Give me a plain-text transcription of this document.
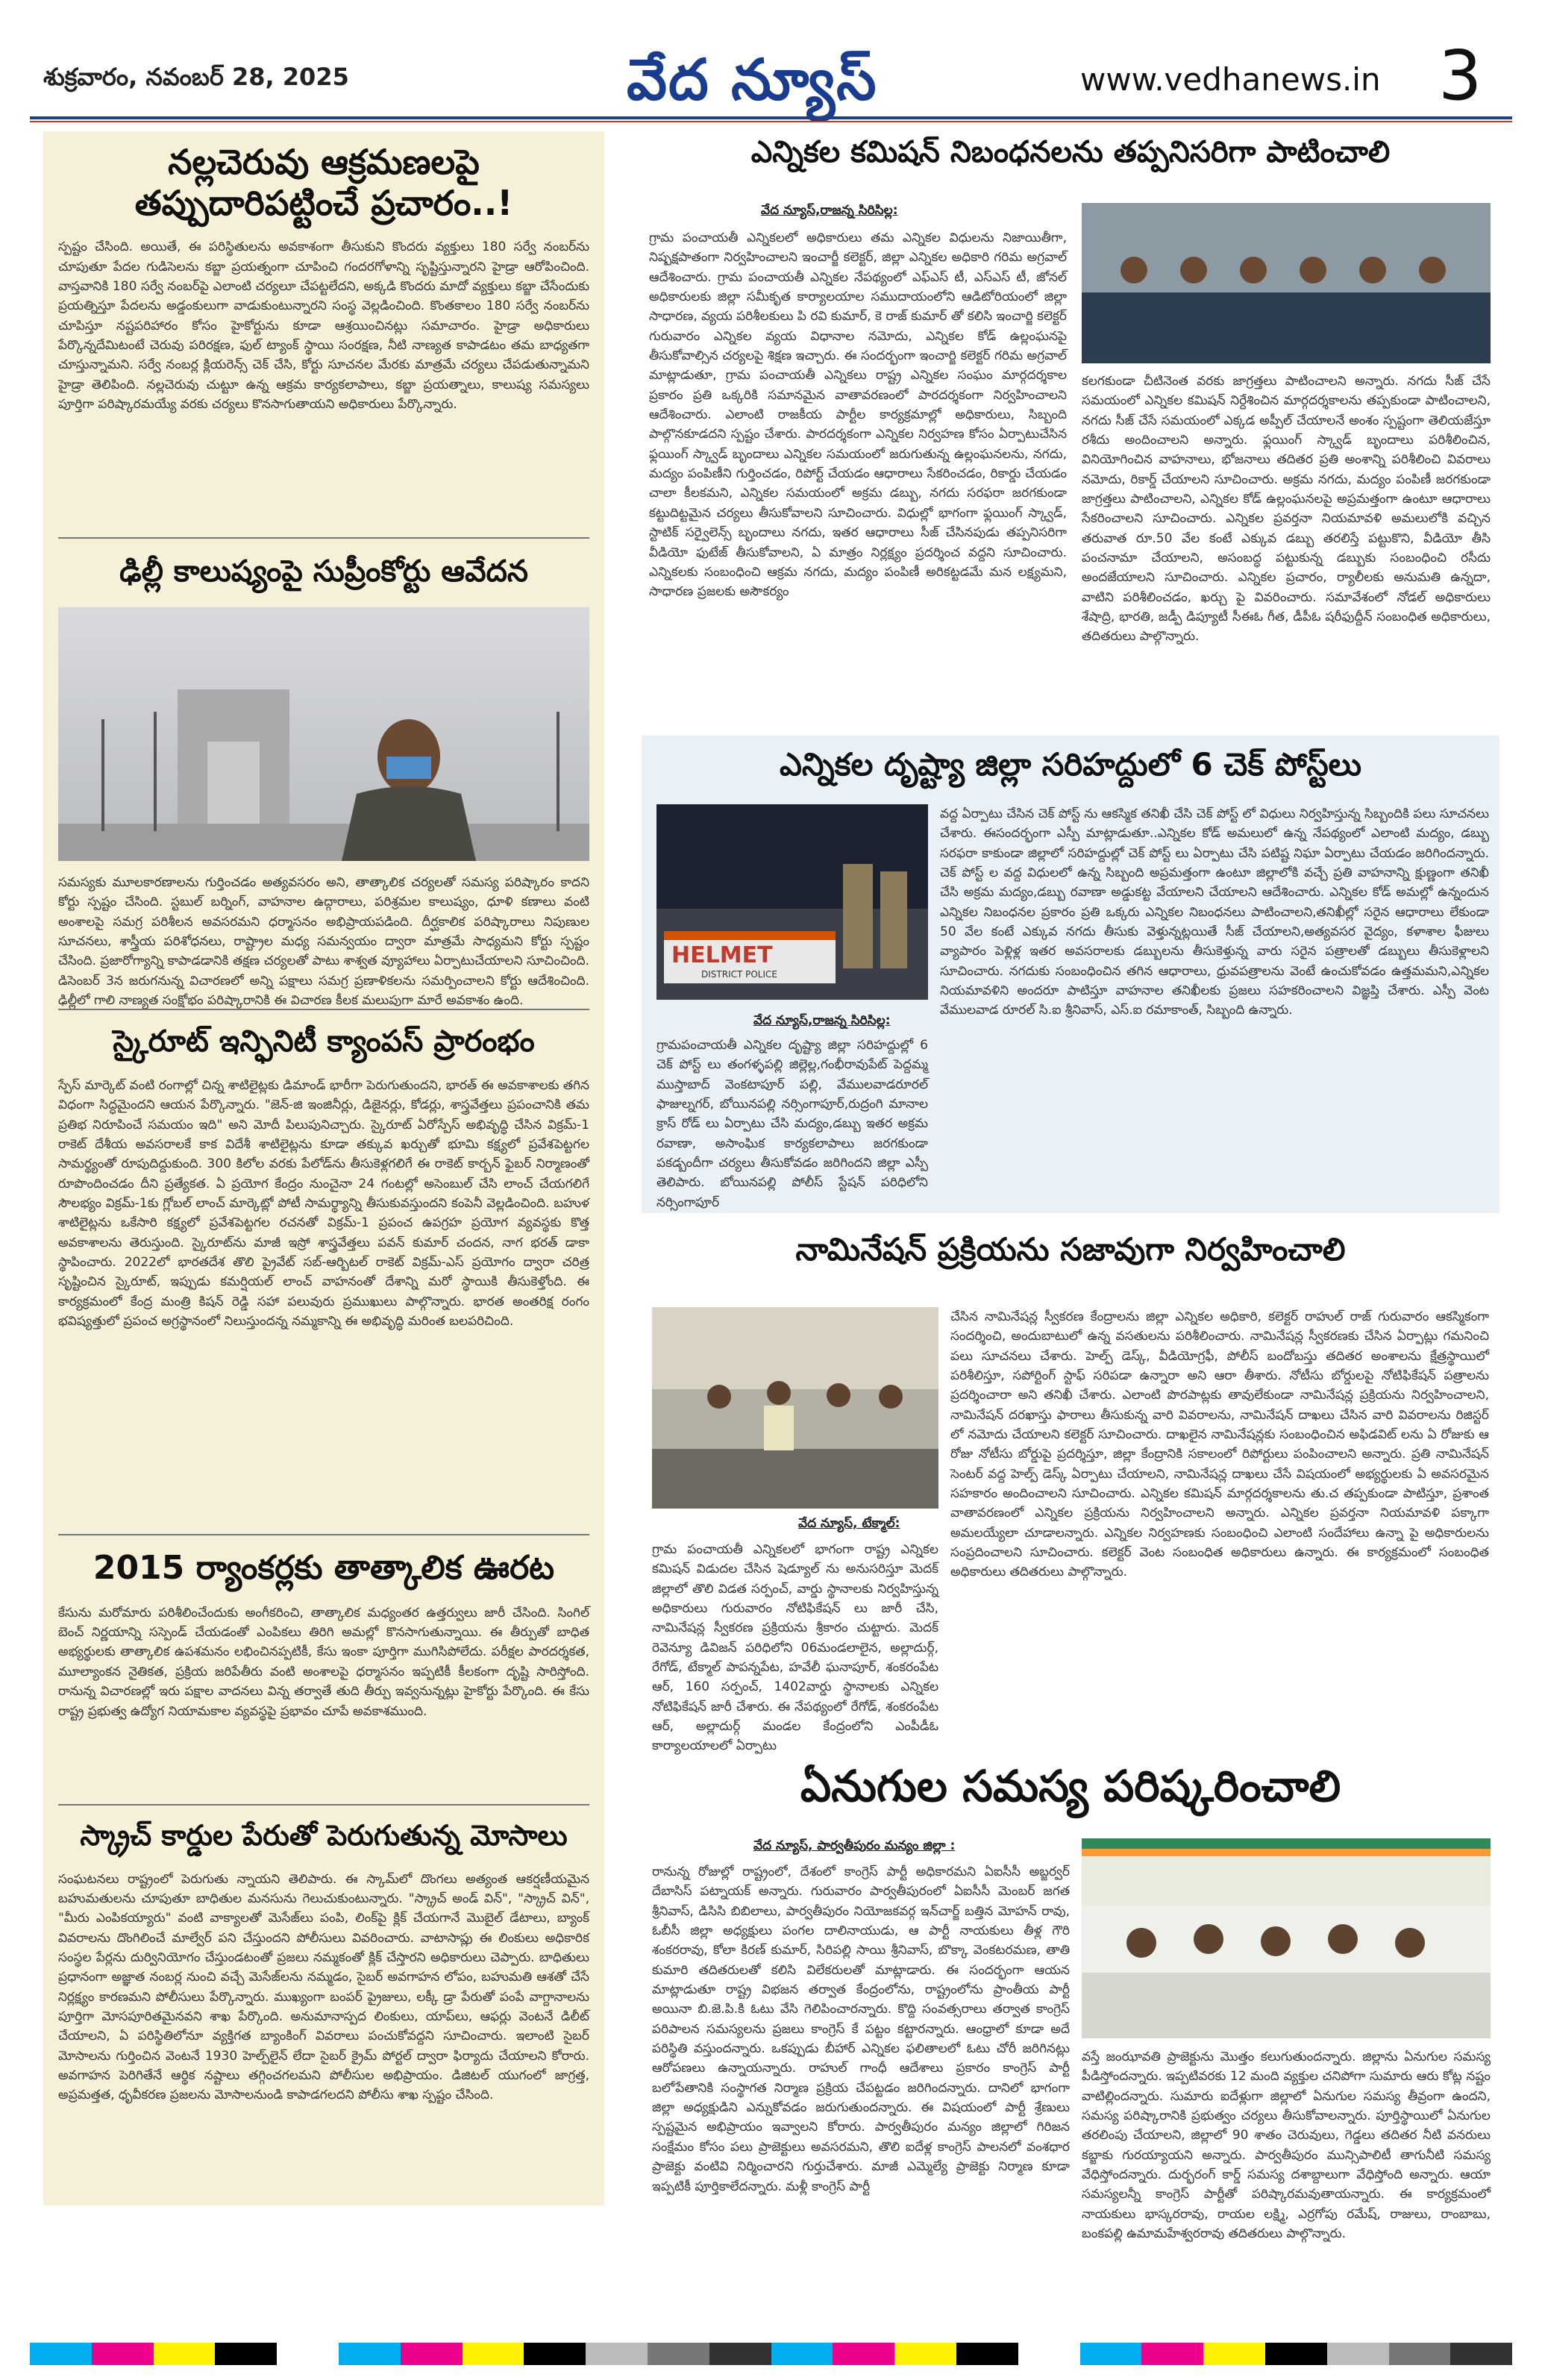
శుక్రవారం, నవంబర్ 28, 2025	వేద న్యూస్	www.vedhanews.in 3
నల్లచెరువు ఆక్రమణలపై
తప్పుదారిపట్టించే ప్రచారం..!
స్పష్టం చేసింది. అయితే, ఈ పరిస్థితులను అవకాశంగా తీసుకుని కొందరు వ్యక్తులు 180 సర్వే నంబర్‌ను చూపుతూ పేదల గుడిసెలను కబ్జా ప్రయత్నంగా చూపించి గందరగోళాన్ని సృష్టిస్తున్నారని హైడ్రా ఆరోపించింది. వాస్తవానికి 180 సర్వే నంబర్‌పై ఎలాంటి చర్యలూ చేపట్టలేదని, అక్కడి కొందరు మాదో వ్యక్తులు కబ్జా చేసేందుకు ప్రయత్నిస్తూ పేదలను అడ్డంకులుగా వాడుకుంటున్నారని సంస్థ వెల్లడించింది. కొంతకాలం 180 సర్వే నంబర్‌ను చూపిస్తూ నష్టపరిహారం కోసం హైకోర్టును కూడా ఆశ్రయించినట్లు సమాచారం. హైడ్రా అధికారులు పేర్కొన్నదేమిటంటే చెరువు పరిరక్షణ, ఫుల్ ట్యాంక్ స్థాయి సంరక్షణ, నీటి నాణ్యత కాపాడటం తమ బాధ్యతగా చూస్తున్నామని. సర్వే నంబర్ల క్లియరెన్స్ చెక్ చేసి, కోర్టు సూచనల మేరకు మాత్రమే చర్యలు చేపడుతున్నామని హైడ్రా తెలిపింది. నల్లచెరువు చుట్టూ ఉన్న ఆక్రమ కార్యకలాపాలు, కబ్జా ప్రయత్నాలు, కాలుష్య సమస్యలు పూర్తిగా పరిష్కారమయ్యే వరకు చర్యలు కొనసాగుతాయని అధికారులు పేర్కొన్నారు.
ఢిల్లీ కాలుష్యంపై సుప్రీంకోర్టు ఆవేదన
సమస్యకు మూలకారణాలను గుర్తించడం అత్యవసరం అని, తాత్కాలిక చర్యలతో సమస్య పరిష్కారం కాదని కోర్టు స్పష్టం చేసింది. స్టబుల్ బర్నింగ్, వాహనాల ఉద్గారాలు, పరిశ్రమల కాలుష్యం, ధూళి కణాలు వంటి అంశాలపై సమగ్ర పరిశీలన అవసరమని ధర్మాసనం అభిప్రాయపడింది. దీర్ఘకాలిక పరిష్కారాలు నిపుణుల సూచనలు, శాస్త్రీయ పరిశోధనలు, రాష్ట్రాల మధ్య సమన్వయం ద్వారా మాత్రమే సాధ్యమని కోర్టు స్పష్టం చేసింది. ప్రజారోగ్యాన్ని కాపాడడానికి తక్షణ చర్యలతో పాటు శాశ్వత వ్యూహాలు ఏర్పాటుచేయాలని సూచించింది. డిసెంబర్ 3న జరుగనున్న విచారణలో అన్ని పక్షాలు సమగ్ర ప్రణాళికలను సమర్పించాలని కోర్టు ఆదేశించింది. ఢిల్లీలో గాలి నాణ్యత సంక్షోభం పరిష్కారానికి ఈ విచారణ కీలక మలుపుగా మారే అవకాశం ఉంది.
స్కైరూట్ ఇన్ఫినిటీ క్యాంపస్ ప్రారంభం
స్పేస్ మార్కెట్ వంటి రంగాల్లో చిన్న శాటిలైట్లకు డిమాండ్ భారీగా పెరుగుతుందని, భారత్ ఈ అవకాశాలకు తగిన విధంగా సిద్ధమైందని ఆయన పేర్కొన్నారు. "జెన్-జి ఇంజినీర్లు, డిజైనర్లు, కోడర్లు, శాస్త్రవేత్తలు ప్రపంచానికి తమ ప్రతిభ నిరూపించే సమయం ఇది" అని మోదీ పిలుపునిచ్చారు. స్కైరూట్ ఏరోస్పేస్ అభివృద్ధి చేసిన విక్రమ్-1 రాకెట్ దేశీయ అవసరాలకే కాక విదేశీ శాటిలైట్లను కూడా తక్కువ ఖర్చుతో భూమి కక్ష్యలో ప్రవేశపెట్టగల సామర్థ్యంతో రూపుదిద్దుకుంది. 300 కిలోల వరకు పేలోడ్‌ను తీసుకెళ్లగలిగే ఈ రాకెట్ కార్బన్ ఫైబర్ నిర్మాణంతో రూపొందించడం దీని ప్రత్యేకత. ఏ ప్రయోగ కేంద్రం నుంచైనా 24 గంటల్లో అసెంబుల్ చేసి లాంచ్ చేయగలిగే సౌలభ్యం విక్రమ్-1కు గ్లోబల్ లాంచ్ మార్కెట్లో పోటీ సామర్థ్యాన్ని తీసుకువస్తుందని కంపెనీ వెల్లడించింది. బహుళ శాటిలైట్లను ఒకేసారి కక్ష్యలో ప్రవేశపెట్టగల రచనతో విక్రమ్-1 ప్రపంచ ఉపగ్రహ ప్రయోగ వ్యవస్థకు కొత్త అవకాశాలను తెరుస్తుంది. స్కైరూట్‌ను మాజీ ఇస్రో శాస్త్రవేత్తలు పవన్ కుమార్ చందన, నాగ భరత్ డాకా స్థాపించారు. 2022లో భారతదేశ తొలి ప్రైవేట్ సబ్-ఆర్బిటల్ రాకెట్ విక్రమ్-ఎస్ ప్రయోగం ద్వారా చరిత్ర సృష్టించిన స్కైరూట్, ఇప్పుడు కమర్షియల్ లాంచ్ వాహనంతో దేశాన్ని మరో స్థాయికి తీసుకెళ్తోంది. ఈ కార్యక్రమంలో కేంద్ర మంత్రి కిషన్ రెడ్డి సహా పలువురు ప్రముఖులు పాల్గొన్నారు. భారత అంతరిక్ష రంగం భవిష్యత్తులో ప్రపంచ అగ్రస్థానంలో నిలుస్తుందన్న నమ్మకాన్ని ఈ అభివృద్ధి మరింత బలపరిచింది.
2015 ర్యాంకర్లకు తాత్కాలిక ఊరట
కేసును మరోమారు పరిశీలించేందుకు అంగీకరించి, తాత్కాలిక మధ్యంతర ఉత్తర్వులు జారీ చేసింది. సింగిల్ బెంచ్ నిర్ణయాన్ని సస్పెండ్ చేయడంతో ఎంపికలు తిరిగి అమల్లో కొనసాగుతున్నాయి. ఈ తీర్పుతో బాధిత అభ్యర్థులకు తాత్కాలిక ఉపశమనం లభించినప్పటికీ, కేసు ఇంకా పూర్తిగా ముగిసిపోలేదు. పరీక్షల పారదర్శకత, మూల్యాంకన నైతికత, ప్రక్రియ జరిపేతీరు వంటి అంశాలపై ధర్మాసనం ఇప్పటికీ కీలకంగా దృష్టి సారిస్తోంది. రానున్న విచారణల్లో ఇరు పక్షాల వాదనలు విన్న తర్వాతే తుది తీర్పు ఇవ్వనున్నట్లు హైకోర్టు పేర్కొంది. ఈ కేసు రాష్ట్ర ప్రభుత్వ ఉద్యోగ నియామకాల వ్యవస్థపై ప్రభావం చూపే అవకాశముంది.
స్క్రాచ్ కార్డుల పేరుతో పెరుగుతున్న మోసాలు
సంఘటనలు రాష్ట్రంలో పెరుగుతు న్నాయని తెలిపారు. ఈ స్కామ్‌లో దొంగలు అత్యంత ఆకర్షణీయమైన బహుమతులను చూపుతూ బాధితుల మనసును గెలుచుకుంటున్నారు. "స్క్రాచ్ అండ్ విన్", "స్క్రాచ్ విన్", "మీరు ఎంపికయ్యారు" వంటి వాక్యాలతో మెసేజ్‌లు పంపి, లింక్‌పై క్లిక్ చేయగానే మొబైల్ డేటాలు, బ్యాంక్ వివరాలను దొంగిలించే మాల్వేర్ పని చేస్తుందని పోలీసులు వివరించారు. వాటాసాప్లు ఈ లింకులు అధికారిక సంస్థల పేర్లను దుర్వినియోగం చేస్తుండటంతో ప్రజలు నమ్మకంతో క్లిక్ చేస్తారని అధికారులు చెప్పారు. బాధితులు ప్రధానంగా అజ్ఞాత నంబర్ల నుంచి వచ్చే మెసేజ్‌లను నమ్మడం, సైబర్ అవగాహన లోపం, బహుమతి ఆశతో చేసే నిర్లక్ష్యం కారణమని పోలీసులు పేర్కొన్నారు. ముఖ్యంగా బంపర్ ప్రైజులు, లక్కీ డ్రా పేరుతో పంపే వాగ్దానాలను పూర్తిగా మోసపూరితమైనవని శాఖ పేర్కొంది. అనుమానాస్పద లింకులు, యాప్‌లు, ఆఫర్లు వెంటనే డిలీట్ చేయాలని, ఏ పరిస్థితిలోనూ వ్యక్తిగత బ్యాంకింగ్ వివరాలు పంచుకోవద్దని సూచించారు. ఇలాంటి సైబర్ మోసాలను గుర్తించిన వెంటనే 1930 హెల్ప్‌లైన్ లేదా సైబర్ క్రైమ్ పోర్టల్ ద్వారా ఫిర్యాదు చేయాలని కోరారు. అవగాహన పెరిగితేనే ఆర్థిక నష్టాలు తగ్గించగలమని పోలీసుల అభిప్రాయం. డిజిటల్ యుగంలో జాగ్రత్త, అప్రమత్తత, ధృవీకరణ ప్రజలను మోసాలనుండి కాపాడగలదని పోలీసు శాఖ స్పష్టం చేసింది.
ఎన్నికల కమిషన్ నిబంధనలను తప్పనిసరిగా పాటించాలి
వేద న్యూస్,రాజన్న సిరిసిల్ల:
గ్రామ పంచాయతీ ఎన్నికలలో అధికారులు తమ ఎన్నికల విధులను నిజాయితీగా, నిష్పక్షపాతంగా నిర్వహించాలని ఇంచార్జీ కలెక్టర్, జిల్లా ఎన్నికల అధికారి గరిమ అగ్రవాల్ ఆదేశించారు. గ్రామ పంచాయతీ ఎన్నికల నేపథ్యంలో ఎఫ్ఎస్ టీ, ఎస్ఎస్ టీ, జోనల్ అధికారులకు జిల్లా సమీకృత కార్యాలయాల సముదాయంలోని ఆడిటోరియంలో జిల్లా సాధారణ, వ్యయ పరిశీలకులు పి రవి కుమార్, కె రాజ్ కుమార్ తో కలిసి ఇంచార్జి కలెక్టర్ గురువారం ఎన్నికల వ్యయ విధానాల నమోదు, ఎన్నికల కోడ్ ఉల్లంఘనపై తీసుకోవాల్సిన చర్యలపై శిక్షణ ఇచ్చారు. ఈ సందర్భంగా ఇంచార్జి కలెక్టర్ గరిమ అగ్రవాల్ మాట్లాడుతూ, గ్రామ పంచాయతీ ఎన్నికలు రాష్ట్ర ఎన్నికల సంఘం మార్గదర్శకాల ప్రకారం ప్రతి ఒక్కరికి సమానమైన వాతావరణంలో పారదర్శకంగా నిర్వహించాలని ఆదేశించారు. ఎలాంటి రాజకీయ పార్టీల కార్యక్రమాల్లో అధికారులు, సిబ్బంది పాల్గొనకూడదని స్పష్టం చేశారు. పారదర్శకంగా ఎన్నికల నిర్వహణ కోసం ఏర్పాటుచేసిన ఫ్లయింగ్ స్క్వాడ్ బృందాలు ఎన్నికల సమయంలో జరుగుతున్న ఉల్లంఘనలను, నగదు, మద్యం పంపిణీని గుర్తించడం, రిపోర్ట్ చేయడం ఆధారాలు సేకరించడం, రికార్డు చేయడం చాలా కీలకమని, ఎన్నికల సమయంలో అక్రమ డబ్బు, నగదు సరఫరా జరగకుండా కట్టుదిట్టమైన చర్యలు తీసుకోవాలని సూచించారు. విధుల్లో భాగంగా ఫ్లయింగ్ స్క్వాడ్, స్టాటిక్ సర్వైలెన్స్ బృందాలు నగదు, ఇతర ఆధారాలు సీజ్ చేసినపుడు తప్పనిసరిగా వీడియో ఫుటేజ్ తీసుకోవాలని, ఏ మాత్రం నిర్లక్ష్యం ప్రదర్శించ వద్దని సూచించారు. ఎన్నికలకు సంబంధించి ఆక్రమ నగదు, మద్యం పంపిణీ అరికట్టడమే మన లక్ష్యమని, సాధారణ ప్రజలకు అసౌకర్యం
కలగకుండా చీటినెంత వరకు జాగ్రత్తలు పాటించాలని అన్నారు. నగదు సీజ్ చేసే సమయంలో ఎన్నికల కమిషన్ నిర్దేశించిన మార్గదర్శకాలను తప్పకుండా పాటించాలని, నగదు సీజ్ చేసే సమయంలో ఎక్కడ అప్పీల్ చేయాలనే అంశం స్పష్టంగా తెలియజేస్తూ రశీదు అందించాలని అన్నారు. ఫ్లయింగ్ స్క్వాడ్ బృందాలు పరిశీలించిన, వినియోగించిన వాహనాలు, భోజనాలు తదితర ప్రతి అంశాన్ని పరిశీలించి వివరాలు నమోదు, రికార్డ్ చేయాలని సూచించారు. అక్రమ నగదు, మద్యం పంపిణీ జరగకుండా జాగ్రత్తలు పాటించాలని, ఎన్నికల కోడ్ ఉల్లంఘనలపై అప్రమత్తంగా ఉంటూ ఆధారాలు సేకరించాలని సూచించారు. ఎన్నికల ప్రవర్తనా నియమావళి అమలులోకి వచ్చిన తరువాత రూ.50 వేల కంటే ఎక్కువ డబ్బు తరలిస్తే పట్టుకొని, వీడియో తీసి పంచనామా చేయాలని, అసంబద్ధ పట్టుకున్న డబ్బుకు సంబంధించి రసీదు అందజేయాలని సూచించారు. ఎన్నికల ప్రచారం, ర్యాలీలకు అనుమతి ఉన్నదా, వాటిని పరిశీలించడం, ఖర్చు పై వివరించారు. సమావేశంలో నోడల్ అధికారులు శేషాద్రి, భారతి, జడ్పీ డిప్యూటీ సీఈఓ గీత, డీపీఓ షరీఫుద్దీన్ సంబంధిత అధికారులు, తదితరులు పాల్గొన్నారు.
ఎన్నికల దృష్ట్యా జిల్లా సరిహద్దులో 6 చెక్ పోస్ట్‌లు
HELMET
DISTRICT POLICE
వేద న్యూస్,రాజన్న సిరిసిల్ల:
గ్రామపంచాయతీ ఎన్నికల దృష్ట్యా జిల్లా సరిహద్దుల్లో 6 చెక్ పోస్ట్ లు తంగళ్ళపల్లి జిల్లెల్ల,గంభీరావుపేట్ పెద్దమ్మ ముస్తాబాద్ వెంకటాపూర్ పల్లి, వేములవాడరూరల్ ఫాజుల్నగర్, బోయినపల్లి నర్సింగాపూర్,రుద్రంగి మానాల క్రాస్ రోడ్ లు ఏర్పాటు చేసి మద్యం,డబ్బు ఇతర అక్రమ రవాణా, అసాంఘిక కార్యకలాపాలు జరగకుండా పకడ్బందీగా చర్యలు తీసుకోవడం జరిగిందని జిల్లా ఎస్పీ తెలిపారు. బోయినపల్లి పోలీస్ స్టేషన్ పరిధిలోని నర్సింగాపూర్
వద్ద ఏర్పాటు చేసిన చెక్ పోస్ట్ ను ఆకస్మిక తనిఖీ చేసి చెక్ పోస్ట్ లో విధులు నిర్వహిస్తున్న సిబ్బందికి పలు సూచనలు చేశారు. ఈసందర్భంగా ఎస్పీ మాట్లాడుతూ..ఎన్నికల కోడ్ అమలులో ఉన్న నేపథ్యంలో ఎలాంటి మద్యం, డబ్బు సరఫరా కాకుండా జిల్లాలో సరిహద్దుల్లో చెక్ పోస్ట్ లు ఏర్పాటు చేసి పటిష్ట నిఘా ఏర్పాటు చేయడం జరిగిందన్నారు. చెక్ పోస్ట్ ల వద్ద విధులలో ఉన్న సిబ్బంది అప్రమత్తంగా ఉంటూ జిల్లాలోకి వచ్చే ప్రతి వాహనాన్ని క్షుణ్ణంగా తనిఖీ చేసి అక్రమ మద్యం,డబ్బు రవాణా అడ్డుకట్ట వేయాలని చేయాలని ఆదేశించారు. ఎన్నికల కోడ్ అమల్లో ఉన్నందున ఎన్నికల నిబంధనల ప్రకారం ప్రతి ఒక్కరు ఎన్నికల నిబంధనలు పాటించాలని,తనిఖీల్లో సరైన ఆధారాలు లేకుండా 50 వేల కంటే ఎక్కువ నగదు తీసుకు వెళ్తున్నట్లయితే సీజ్ చేయాలని,అత్యవసర వైద్యం, కళాశాల ఫీజులు వ్యాపారం పెళ్లిళ్ల ఇతర అవసరాలకు డబ్బులను తీసుకెళ్తున్న వారు సరైన పత్రాలతో డబ్బులు తీసుకెళ్లాలని సూచించారు. నగదుకు సంబంధించిన తగిన ఆధారాలు, ధ్రువపత్రాలను వెంటే ఉంచుకోవడం ఉత్తమమని,ఎన్నికల నియమావళిని అందరూ పాటిస్తూ వాహనాల తనిఖీలకు ప్రజలు సహకరించాలని విజ్ఞప్తి చేశారు. ఎస్పీ వెంట వేములవాడ రూరల్ సి.ఐ శ్రీనివాస్, ఎస్.ఐ రమాకాంత్, సిబ్బంది ఉన్నారు.
నామినేషన్ ప్రక్రియను సజావుగా నిర్వహించాలి
వేద న్యూస్, టేక్మాల్:
గ్రామ పంచాయతీ ఎన్నికలలో భాగంగా రాష్ట్ర ఎన్నికల కమిషన్ విడుదల చేసిన షెడ్యూల్ ను అనుసరిస్తూ మెదక్ జిల్లాలో తొలి విడత సర్పంచ్, వార్డు స్థానాలకు నిర్వహిస్తున్న అధికారులు గురువారం నోటిఫికేషన్ లు జారీ చేసి, నామినేషన్ల స్వీకరణ ప్రక్రియను శ్రీకారం చుట్టారు. మెదక్ రెవెన్యూ డివిజన్ పరిధిలోని 06మండలాలైన, అల్లాదుర్గ్, రేగోడ్, టేక్మాల్ పాపన్నపేట, హవేలీ ఘనాపూర్, శంకరంపేట ఆర్, 160 సర్పంచ్, 1402వార్డు స్థానాలకు ఎన్నికల నోటిఫికేషన్ జారీ చేశారు. ఈ నేపథ్యంలో రేగోడ్, శంకరంపేట ఆర్, అల్లాదుర్గ్ మండల కేంద్రంలోని ఎంపీడీఓ కార్యాలయాలలో ఏర్పాటు
చేసిన నామినేషన్ల స్వీకరణ కేంద్రాలను జిల్లా ఎన్నికల అధికారి, కలెక్టర్ రాహుల్ రాజ్ గురువారం ఆకస్మికంగా సందర్శించి, అందుబాటులో ఉన్న వసతులను పరిశీలించారు. నామినేషన్ల స్వీకరణకు చేసిన ఏర్పాట్లు గమనించి పలు సూచనలు చేశారు. హెల్ప్ డెస్క్, వీడియోగ్రఫీ, పోలీస్ బందోబస్తు తదితర అంశాలను క్షేత్రస్థాయిలో పరిశీలిస్తూ, సపోర్టింగ్ స్టాఫ్ సరిపడా ఉన్నారా అని ఆరా తీశారు. నోటీసు బోర్డులపై నోటిఫికేషన్ పత్రాలను ప్రదర్శించారా అని తనిఖీ చేశారు. ఎలాంటి పొరపాట్లకు తావులేకుండా నామినేషన్ల ప్రక్రియను నిర్వహించాలని, నామినేషన్ దరఖాస్తు ఫారాలు తీసుకున్న వారి వివరాలను, నామినేషన్ దాఖలు చేసిన వారి వివరాలను రిజిస్టర్ లో నమోదు చేయాలని కలెక్టర్ సూచించారు. దాఖలైన నామినేషన్లకు సంబంధించిన అఫిడవిట్ లను ఏ రోజుకు ఆ రోజు నోటీసు బోర్డుపై ప్రదర్శిస్తూ, జిల్లా కేంద్రానికి సకాలంలో రిపోర్టులు పంపించాలని అన్నారు. ప్రతి నామినేషన్ సెంటర్ వద్ద హెల్ప్ డెస్క్ ఏర్పాటు చేయాలని, నామినేషన్ల దాఖలు చేసే విషయంలో అభ్యర్థులకు ఏ అవసరమైన సహకారం అందించాలని సూచించారు. ఎన్నికల కమిషన్ మార్గదర్శకాలను తు.చ తప్పకుండా పాటిస్తూ, ప్రశాంత వాతావరణంలో ఎన్నికల ప్రక్రియను నిర్వహించాలని అన్నారు. ఎన్నికల ప్రవర్తనా నియమావళి పక్కాగా అమలయ్యేలా చూడాలన్నారు. ఎన్నికల నిర్వహణకు సంబంధించి ఎలాంటి సందేహాలు ఉన్నా పై అధికారులను సంప్రదించాలని సూచించారు. కలెక్టర్ వెంట సంబంధిత అధికారులు ఉన్నారు. ఈ కార్యక్రమంలో సంబంధిత అధికారులు తదితరులు పాల్గొన్నారు.
ఏనుగుల సమస్య పరిష్కరించాలి
వేద న్యూస్, పార్వతీపురం మన్యం జిల్లా :
రానున్న రోజుల్లో రాష్ట్రంలో, దేశంలో కాంగ్రెస్ పార్టీ అధికారమని ఏఐసీసీ అబ్జర్వర్ దేబాసిస్ పట్నాయక్ అన్నారు. గురువారం పార్వతీపురంలో ఏఐసీసీ మెంబర్ జగత శ్రీనివాస్, డిసిసి బిబిలాలు, పార్వతీపురం నియోజకవర్గ ఇన్‌చార్జ్ బత్తిన మోహన్ రావు, ఓబీసీ జిల్లా అధ్యక్షులు పంగల దాలినాయుడు, ఆ పార్టీ నాయకులు తీళ్ల గౌరి శంకరరావు, కోలా కిరణ్ కుమార్, సిరిపల్లి సాయి శ్రీనివాస్, బొక్కా వెంకటరమణ, తాతి కుమారి తదితరులతో కలిసి విలేకరులతో మాట్లాడారు. ఈ సందర్భంగా ఆయన మాట్లాడుతూ రాష్ట్ర విభజన తర్వాత కేంద్రంలోను, రాష్ట్రంలోను ప్రాంతీయ పార్టీ అయినా బి.జె.పి.కి ఓటు వేసి గెలిపించారన్నారు. కొద్ది సంవత్సరాలు తర్వాత కాంగ్రెస్ పరిపాలన సమస్యలను ప్రజలు కాంగ్రెస్ కే పట్టం కట్టారన్నారు. ఆంధ్రాలో కూడా అదే పరిస్థితి వస్తుందన్నారు. ఒకప్పుడు బీహార్ ఎన్నికల ఫలితాలలో ఓటు చోరీ జరిగినట్లు ఆరోపణలు ఉన్నాయన్నారు. రాహుల్ గాంధీ ఆదేశాలు ప్రకారం కాంగ్రెస్ పార్టీ బలోపేతానికి సంస్థాగత నిర్మాణ ప్రక్రియ చేపట్టడం జరిగిందన్నారు. దానిలో భాగంగా జిల్లా అధ్యక్షుడిని ఎన్నుకోవడం జరుగుతుందన్నారు. ఈ విషయంలో పార్టీ శ్రేణులు స్పష్టమైన అభిప్రాయం ఇవ్వాలని కోరారు. పార్వతీపురం మన్యం జిల్లాలో గిరిజన సంక్షేమం కోసం పలు ప్రాజెక్టులు అవసరమని, తొలి ఐదేళ్ల కాంగ్రెస్ పాలనలో వంశధార ప్రాజెక్టు వంటివి నిర్మించారని గుర్తుచేశారు. మాజీ ఎమ్మెల్యే ప్రాజెక్టు నిర్మాణ కూడా ఇప్పటికీ పూర్తికాలేదన్నారు. మళ్లీ కాంగ్రెస్ పార్టీ
వస్తే జంఝావతి ప్రాజెక్టును మొత్తం కలుగుతుందన్నారు. జిల్లాను ఏనుగుల సమస్య పీడిస్తోందన్నారు. ఇప్పటివరకు 12 మంది వ్యక్తుల చనిపోగా సుమారు ఆరు కోట్ల నష్టం వాటిల్లిందన్నారు. సుమారు ఐదేళ్లుగా జిల్లాలో ఏనుగుల సమస్య తీవ్రంగా ఉందని, సమస్య పరిష్కారానికి ప్రభుత్వం చర్యలు తీసుకోవాలన్నారు. పూర్తిస్థాయిలో ఏనుగుల తరలింపు చేయాలని, జిల్లాలో 90 శాతం చెరువులు, గెడ్డలు తదితర నీటి వనరులు కబ్జాకు గురయ్యాయని అన్నారు. పార్వతీపురం మున్సిపాలిటీ తాగునీటి సమస్య వేధిస్తోందన్నారు. దుర్భరంగ్ కార్డ్ సమస్య దశాబ్దాలుగా వేధిస్తోంది అన్నారు. ఆయా సమస్యలన్నీ కాంగ్రెస్ పార్టీతో పరిష్కారమవుతాయన్నారు. ఈ కార్యక్రమంలో నాయకులు భాస్కరరావు, రాయల లక్ష్మి, ఎర్రగోపు రమేష్, రాజులు, రాంబాబు, బంకపల్లి ఉమామహేశ్వరరావు తదితరులు పాల్గొన్నారు.
